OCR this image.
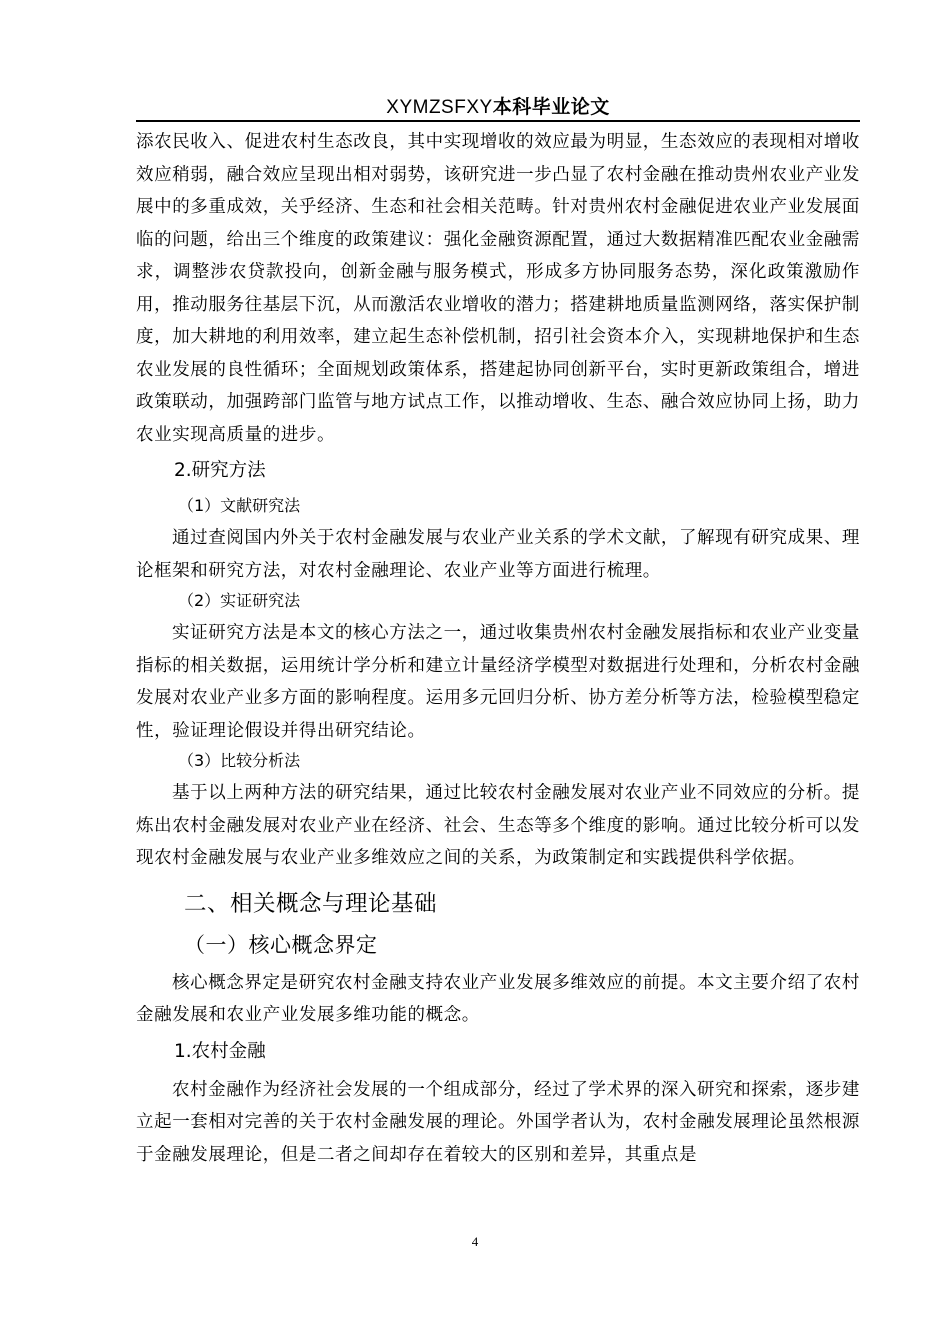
XYMZSFXY本科毕业论文

添农民收入、促进农村生态改良，其中实现增收的效应最为明显，生态效应的表现相对增收效应稍弱，融合效应呈现出相对弱势，该研究进一步凸显了农村金融在推动贵州农业产业发展中的多重成效，关乎经济、生态和社会相关范畴。针对贵州农村金融促进农业产业发展面临的问题，给出三个维度的政策建议：强化金融资源配置，通过大数据精准匹配农业金融需求，调整涉农贷款投向，创新金融与服务模式，形成多方协同服务态势，深化政策激励作用，推动服务往基层下沉，从而激活农业增收的潜力；搭建耕地质量监测网络，落实保护制度，加大耕地的利用效率，建立起生态补偿机制，招引社会资本介入，实现耕地保护和生态农业发展的良性循环；全面规划政策体系，搭建起协同创新平台，实时更新政策组合，增进政策联动，加强跨部门监管与地方试点工作，以推动增收、生态、融合效应协同上扬，助力农业实现高质量的进步。

2.研究方法
（1）文献研究法

通过查阅国内外关于农村金融发展与农业产业关系的学术文献，了解现有研究成果、理论框架和研究方法，对农村金融理论、农业产业等方面进行梳理。

（2）实证研究法

实证研究方法是本文的核心方法之一，通过收集贵州农村金融发展指标和农业产业变量指标的相关数据，运用统计学分析和建立计量经济学模型对数据进行处理和，分析农村金融发展对农业产业多方面的影响程度。运用多元回归分析、协方差分析等方法，检验模型稳定性，验证理论假设并得出研究结论。

（3）比较分析法

基于以上两种方法的研究结果，通过比较农村金融发展对农业产业不同效应的分析。提炼出农村金融发展对农业产业在经济、社会、生态等多个维度的影响。通过比较分析可以发现农村金融发展与农业产业多维效应之间的关系，为政策制定和实践提供科学依据。

二、相关概念与理论基础
（一）核心概念界定

核心概念界定是研究农村金融支持农业产业发展多维效应的前提。本文主要介绍了农村金融发展和农业产业发展多维功能的概念。

1.农村金融

农村金融作为经济社会发展的一个组成部分，经过了学术界的深入研究和探索，逐步建立起一套相对完善的关于农村金融发展的理论。外国学者认为，农村金融发展理论虽然根源于金融发展理论，但是二者之间却存在着较大的区别和差异，其重点是

4
